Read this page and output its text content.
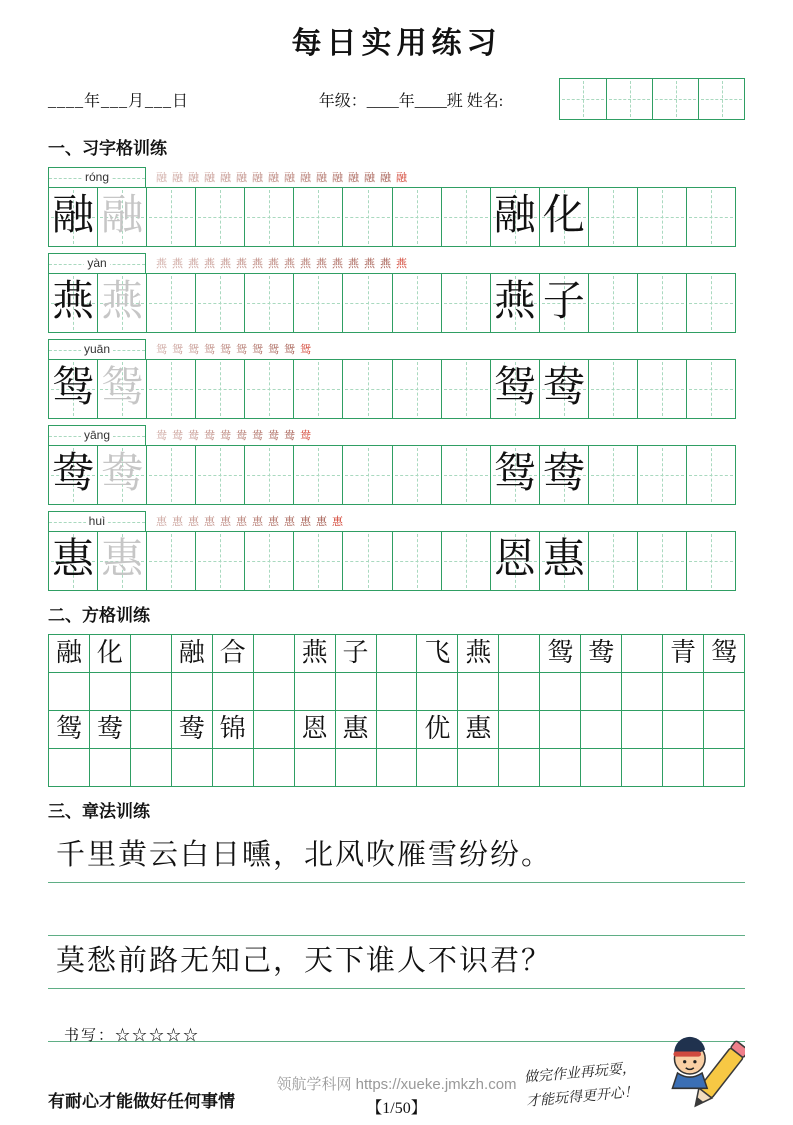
每日实用练习
____年___月___日	年级：____年____班 姓名:
一、习字格训练
róng	融 融 融 融 融 融 融 融 融 融 融 融 融 融 融 融
融 融	融 化
yàn	燕 燕 燕 燕 燕 燕 燕 燕 燕 燕 燕 燕 燕 燕 燕 燕
燕 燕	燕 子
yuān	鸳 鸳 鸳 鸳 鸳 鸳 鸳 鸳 鸳 鸳
鸳 鸳	鸳 鸯
yāng	鸯 鸯 鸯 鸯 鸯 鸯 鸯 鸯 鸯 鸯
鸯 鸯	鸳 鸯
huì	惠 惠 惠 惠 惠 惠 惠 惠 惠 惠 惠 惠
惠 惠	恩 惠
二、方格训练
融 化	融 合	燕 子	飞 燕	鸳 鸯	青 鸳
鸳 鸯	鸯 锦	恩 惠	优 惠
三、章法训练
千里黄云白日曛，北风吹雁雪纷纷。
莫愁前路无知己，天下谁人不识君？
书写：☆☆☆☆☆
有耐心才能做好任何事情
领航学科网 https://xueke.jmkzh.com
【1/50】
做完作业再玩耍，
才能玩得更开心！
